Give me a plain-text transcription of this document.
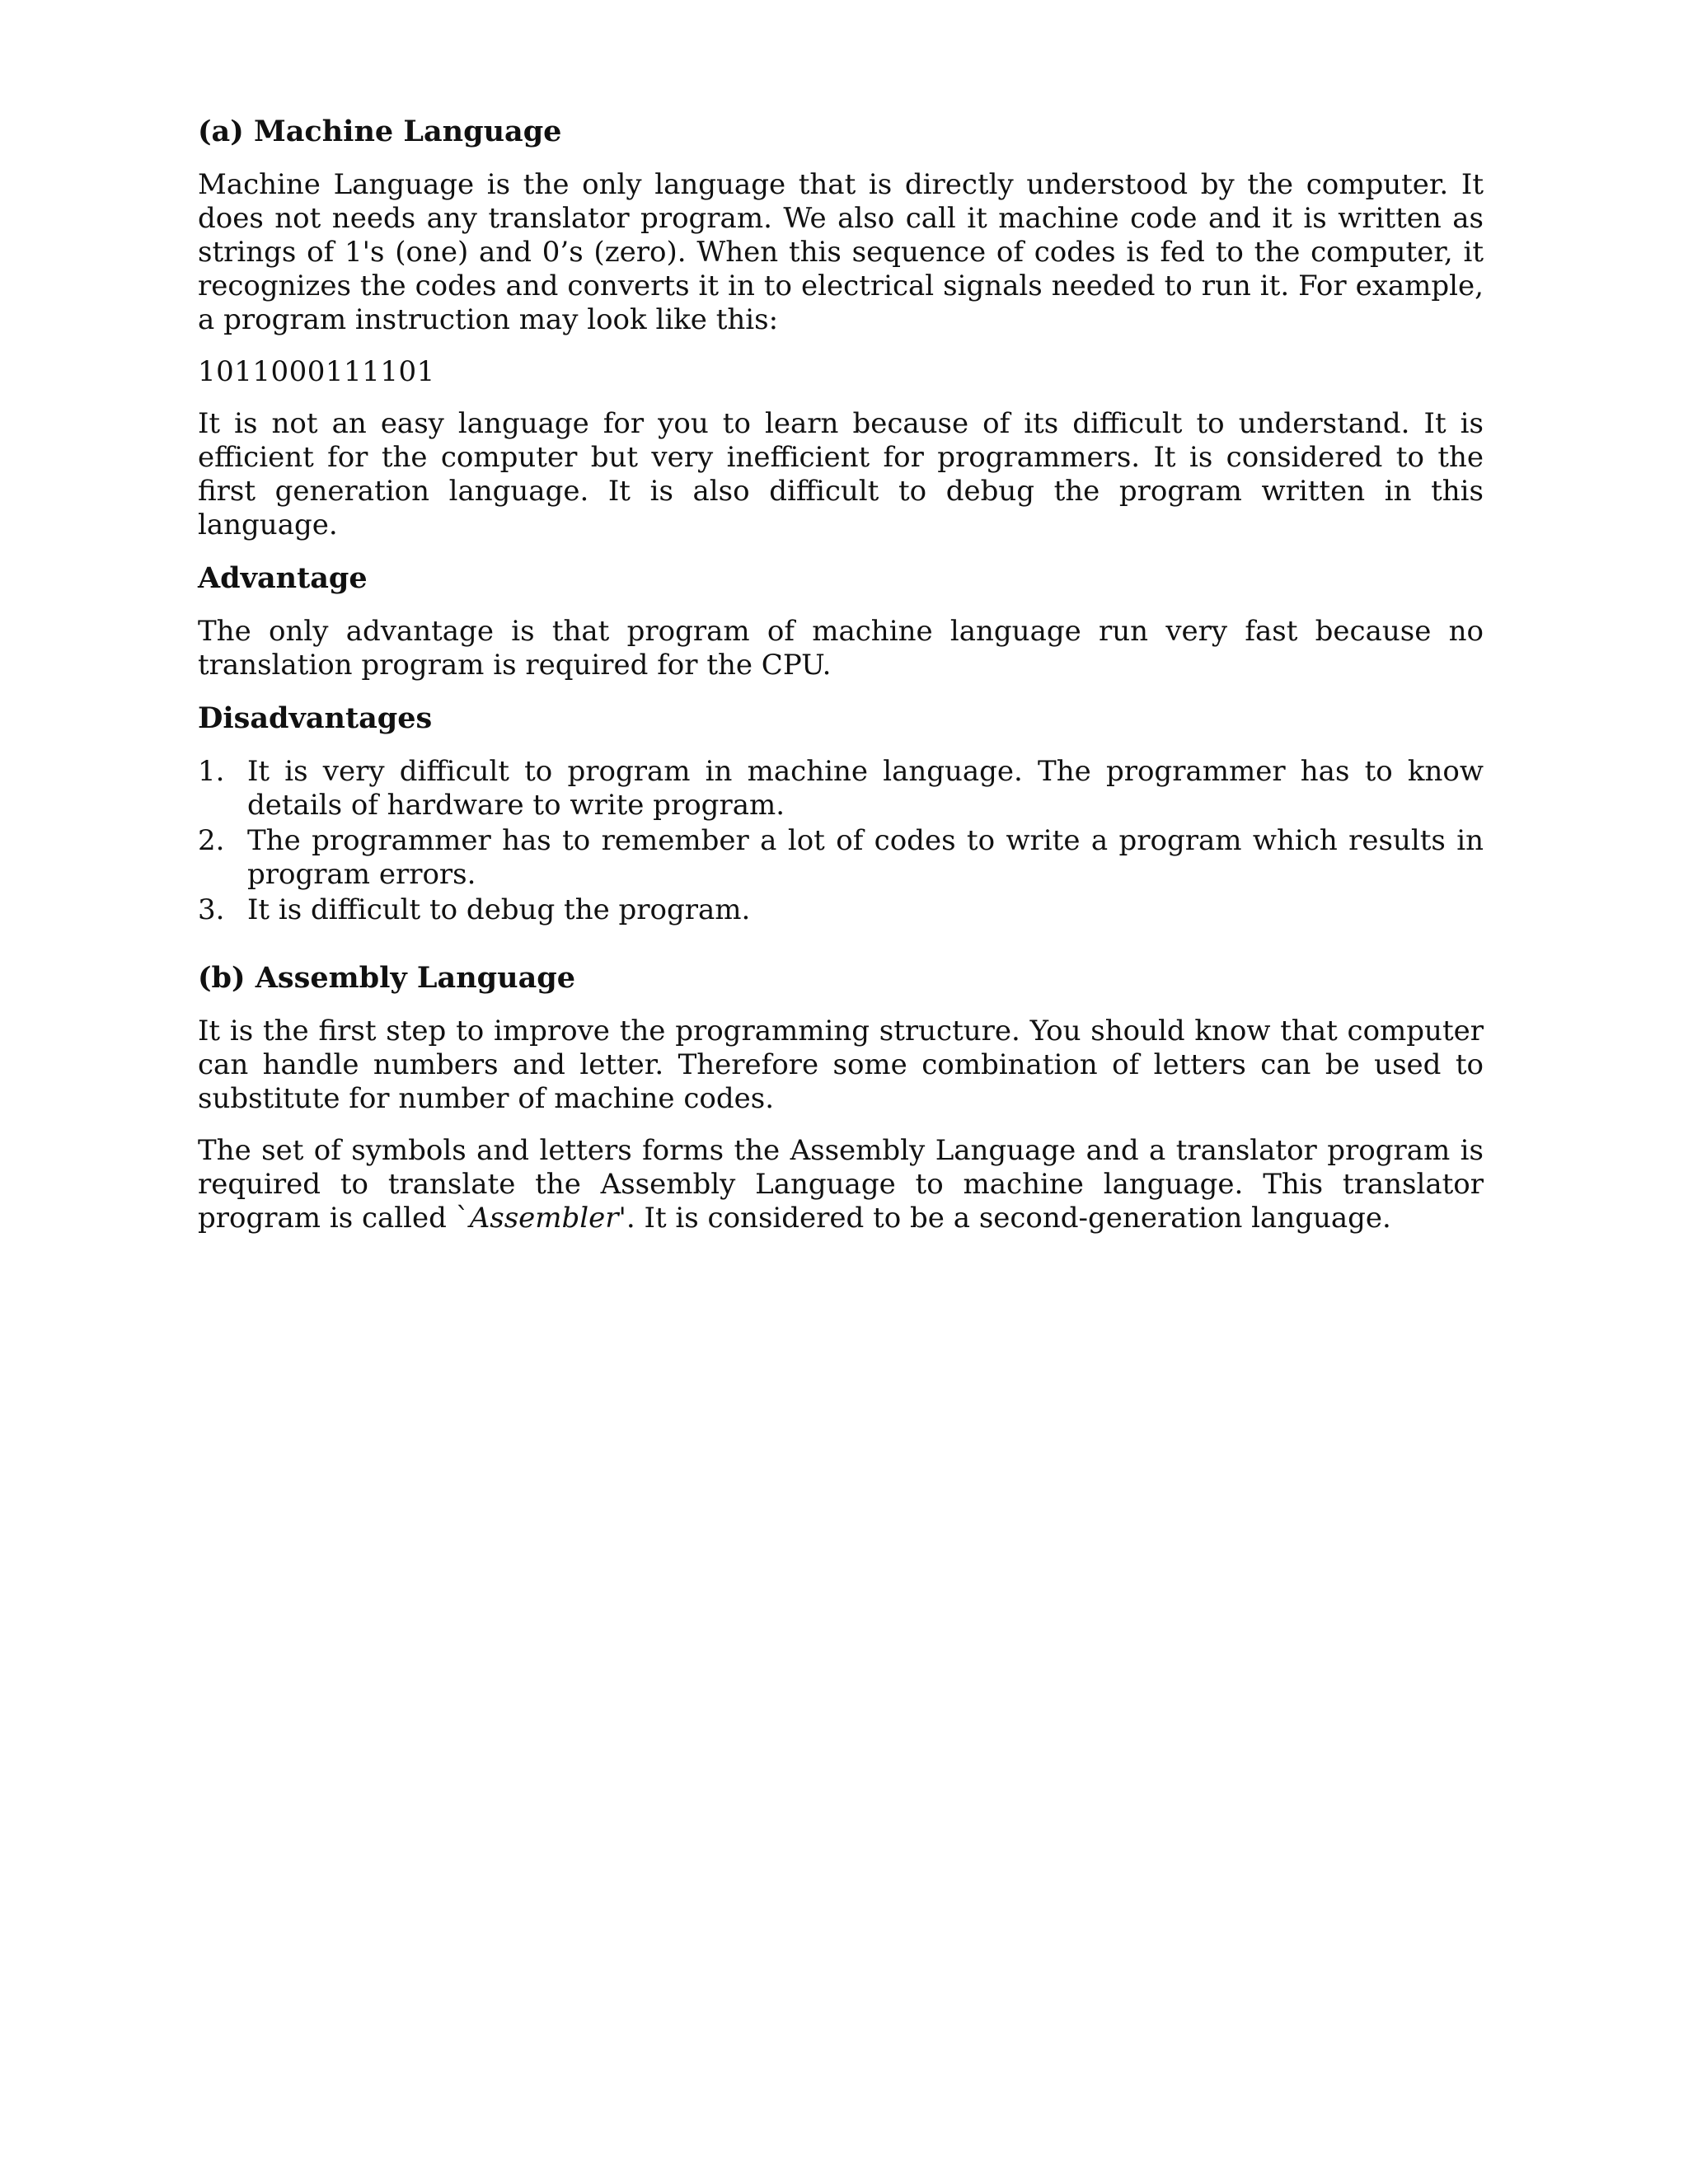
(a) Machine Language

Machine Language is the only language that is directly understood by the computer. It does not needs any translator program. We also call it machine code and it is written as strings of 1's (one) and 0’s (zero). When this sequence of codes is fed to the computer, it recognizes the codes and converts it in to electrical signals needed to run it. For example, a program instruction may look like this:

1011000111101

It is not an easy language for you to learn because of its difficult to understand. It is efficient for the computer but very inefficient for programmers. It is considered to the first generation language. It is also difficult to debug the program written in this language.

Advantage

The only advantage is that program of machine language run very fast because no translation program is required for the CPU.

Disadvantages
1. It is very difficult to program in machine language. The programmer has to know details of hardware to write program.
2. The programmer has to remember a lot of codes to write a program which results in program errors.
3. It is difficult to debug the program.
(b) Assembly Language

It is the first step to improve the programming structure. You should know that computer can handle numbers and letter. Therefore some combination of letters can be used to substitute for number of machine codes.

The set of symbols and letters forms the Assembly Language and a translator program is required to translate the Assembly Language to machine language. This translator program is called `Assembler'. It is considered to be a second-generation language.
